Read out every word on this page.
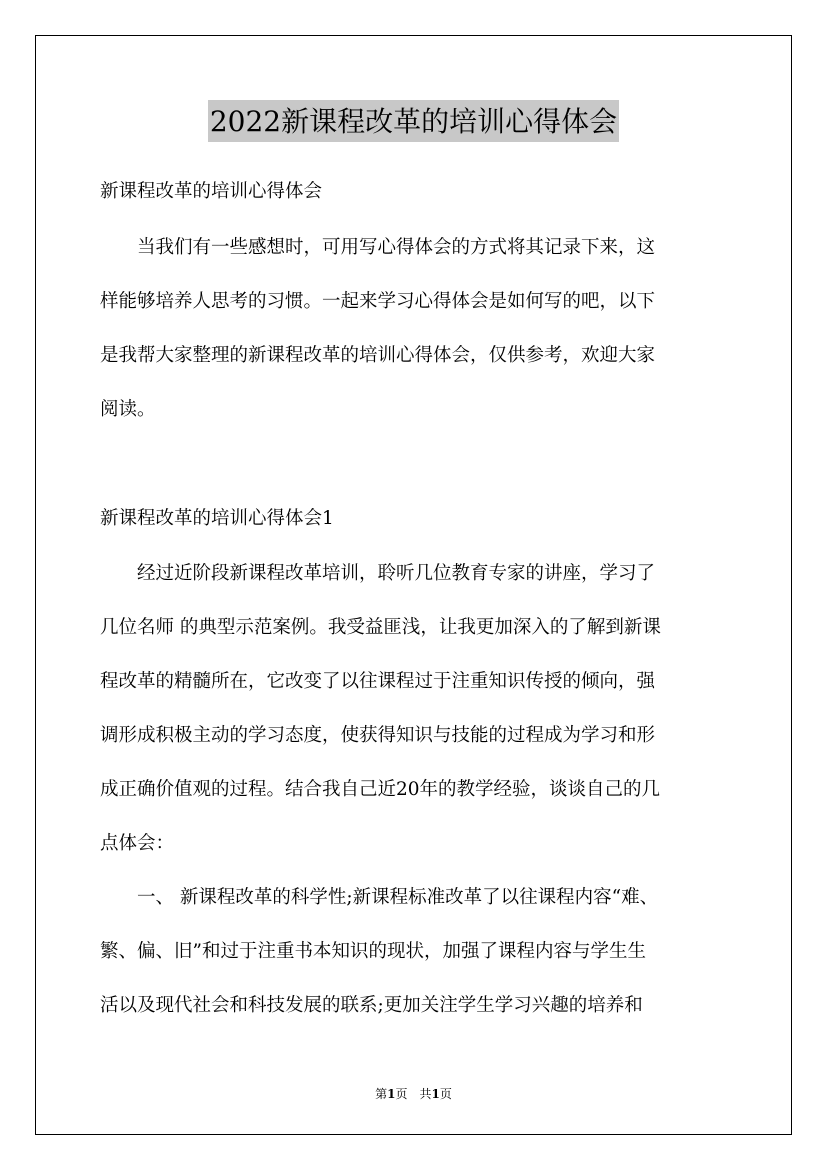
2022新课程改革的培训心得体会
新课程改革的培训心得体会
　　当我们有一些感想时，可用写心得体会的方式将其记录下来，这
样能够培养人思考的习惯。一起来学习心得体会是如何写的吧，以下
是我帮大家整理的新课程改革的培训心得体会，仅供参考，欢迎大家
阅读。
新课程改革的培训心得体会1
　　经过近阶段新课程改革培训，聆听几位教育专家的讲座，学习了
几位名师 的典型示范案例。我受益匪浅，让我更加深入的了解到新课
程改革的精髓所在，它改变了以往课程过于注重知识传授的倾向，强
调形成积极主动的学习态度，使获得知识与技能的过程成为学习和形
成正确价值观的过程。结合我自己近20年的教学经验，谈谈自己的几
点体会：
　　一、 新课程改革的科学性;新课程标准改革了以往课程内容“难、
繁、偏、旧”和过于注重书本知识的现状，加强了课程内容与学生生
活以及现代社会和科技发展的联系;更加关注学生学习兴趣的培养和
第1页　共1页
